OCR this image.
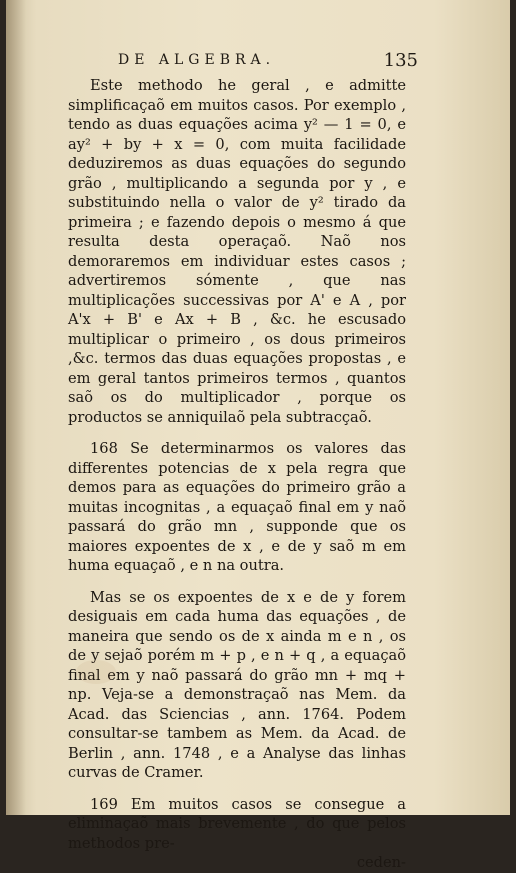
DE ALGEBRA.	135

Este methodo he geral , e admitte simplificaçaõ em muitos casos. Por exemplo , tendo as duas equações acima y² — 1 = 0, e ay² + by + x = 0, com muita facilidade deduziremos as duas equações do segundo grão , multiplicando a segunda por y , e substituindo nella o valor de y² tirado da primeira ; e fazendo depois o mesmo á que resulta desta operaçaõ. Naõ nos demoraremos em individuar estes casos ; advertiremos sómente , que nas multiplicações successivas por A' e A , por A'x + B' e Ax + B , &c. he escusado multiplicar o primeiro , os dous primeiros ,&c. termos das duas equações propostas , e em geral tantos primeiros termos , quantos saõ os do multiplicador , porque os productos se anniquilaõ pela subtracçaõ.

168 Se determinarmos os valores das differentes potencias de x pela regra que demos para as equações do primeiro grão a muitas incognitas , a equaçaõ final em y naõ passará do grão mn , supponde que os maiores expoentes de x , e de y saõ m em huma equaçaõ , e n na outra.

Mas se os expoentes de x e de y forem desiguais em cada huma das equações , de maneira que sendo os de x ainda m e n , os de y sejaõ porém m + p , e n + q , a equaçaõ final em y naõ passará do grão mn + mq + np. Veja-se a demonstraçaõ nas Mem. da Acad. das Sciencias , ann. 1764. Podem consultar-se tambem as Mem. da Acad. de Berlin , ann. 1748 , e a Analyse das linhas curvas de Cramer.

169 Em muitos casos se consegue a eliminaçaõ mais brevemente , do que pelos methodos pre-

ceden-
